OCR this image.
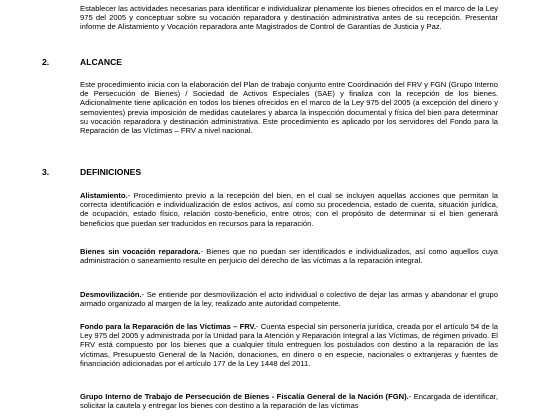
Establecer las actividades necesarias para identificar e individualizar plenamente los bienes ofrecidos en el marco de la Ley 975 del 2005 y conceptuar sobre su vocación reparadora y destinación administrativa antes de su recepción. Presentar informe de Alistamiento y Vocación reparadora ante Magistrados de Control de Garantías de Justicia y Paz.

2.	ALCANCE

Este procedimiento inicia con la elaboración del Plan de trabajo conjunto entre Coordinación del FRV y FGN (Grupo Interno de Persecución de Bienes) / Sociedad de Activos Especiales (SAE) y finaliza con la recepción de los bienes. Adicionalmente tiene aplicación en todos los bienes ofrecidos en el marco de la Ley 975 del 2005 (a excepción del dinero y semovientes) previa imposición de medidas cautelares y abarca la inspección documental y física del bien para determinar su vocación reparadora y destinación administrativa. Este procedimiento es aplicado por los servidores del Fondo para la Reparación de las Víctimas – FRV a nivel nacional.

3.	DEFINICIONES

Alistamiento.- Procedimiento previo a la recepción del bien, en el cual se incluyen aquellas acciones que permitan la correcta identificación e individualización de estos activos, así como su procedencia, estado de cuenta, situación jurídica, de ocupación, estado físico, relación costo-beneficio, entre otros; con el propósito de determinar si el bien generará beneficios que puedan ser traducidos en recursos para la reparación.

Bienes sin vocación reparadora.- Bienes que no puedan ser identificados e individualizados, así como aquellos cuya administración o saneamiento resulte en perjuicio del derecho de las víctimas a la reparación integral.

Desmovilización.- Se entiende por desmovilización el acto individual o colectivo de dejar las armas y abandonar el grupo armado organizado al margen de la ley, realizado ante autoridad competente.

Fondo para la Reparación de las Víctimas – FRV.- Cuenta especial sin personería jurídica, creada por el artículo 54 de la Ley 975 del 2005 y administrada por la Unidad para la Atención y Reparación Integral a las Víctimas, de régimen privado. El FRV está compuesto por los bienes que a cualquier título entreguen los postulados con destino a la reparación de las víctimas, Presupuesto General de la Nación, donaciones, en dinero o en especie, nacionales o extranjeras y fuentes de financiación adicionadas por el artículo 177 de la Ley 1448 del 2011.

Grupo Interno de Trabajo de Persecución de Bienes - Fiscalía General de la Nación (FGN).- Encargada de identificar, solicitar la cautela y entregar los bienes con destino a la reparación de las víctimas
